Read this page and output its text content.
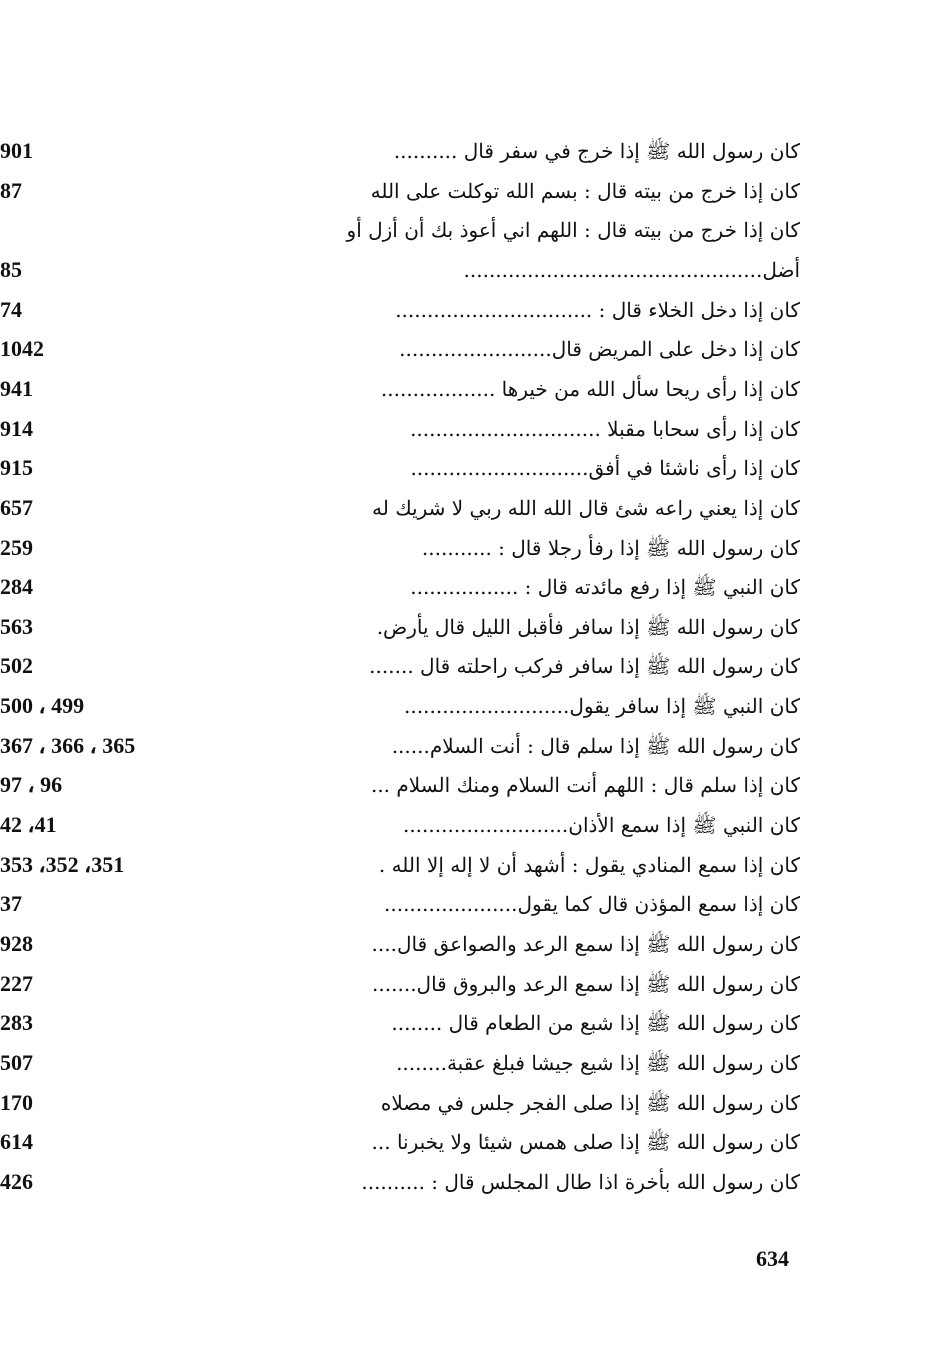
كان رسول الله ﷺ إذا خرج في سفر قال ..........
901
كان إذا خرج من بيته قال : بسم الله توكلت على الله
87
كان إذا خرج من بيته قال : اللهم اني أعوذ بك أن أزل أو
أضل...............................................
85
كان إذا دخل الخلاء قال : ...............................
74
كان إذا دخل على المريض قال........................
1042
كان إذا رأى ريحا سأل الله من خيرها ..................
941
كان إذا رأى سحابا مقبلا ..............................
914
كان إذا رأى ناشئا في أفق............................
915
كان إذا يعني راعه شئ قال الله الله ربي لا شريك له
657
كان رسول الله ﷺ إذا رفأ رجلا قال : ...........
259
كان النبي ﷺ إذا رفع مائدته قال : .................
284
كان رسول الله ﷺ إذا سافر فأقبل الليل قال يأرض.
563
كان رسول الله ﷺ إذا سافر فركب راحلته قال .......
502
كان النبي ﷺ إذا سافر يقول..........................
499 ، 500
كان رسول الله ﷺ إذا سلم قال : أنت السلام......
365 ، 366 ، 367
كان إذا سلم قال : اللهم أنت السلام ومنك السلام ...
96 ، 97
كان النبي ﷺ إذا سمع الأذان..........................
41، 42
كان إذا سمع المنادي يقول : أشهد أن لا إله إلا الله .
351، 352، 353
كان إذا سمع المؤذن قال كما يقول.....................
37
كان رسول الله ﷺ إذا سمع الرعد والصواعق قال....
928
كان رسول الله ﷺ إذا سمع الرعد والبروق قال.......
227
كان رسول الله ﷺ إذا شبع من الطعام قال ........
283
كان رسول الله ﷺ إذا شيع جيشا فبلغ عقبة........
507
كان رسول الله ﷺ إذا صلى الفجر جلس في مصلاه
170
كان رسول الله ﷺ إذا صلى همس شيئا ولا يخبرنا ...
614
كان رسول الله بأخرة اذا طال المجلس قال : ..........
426
634
